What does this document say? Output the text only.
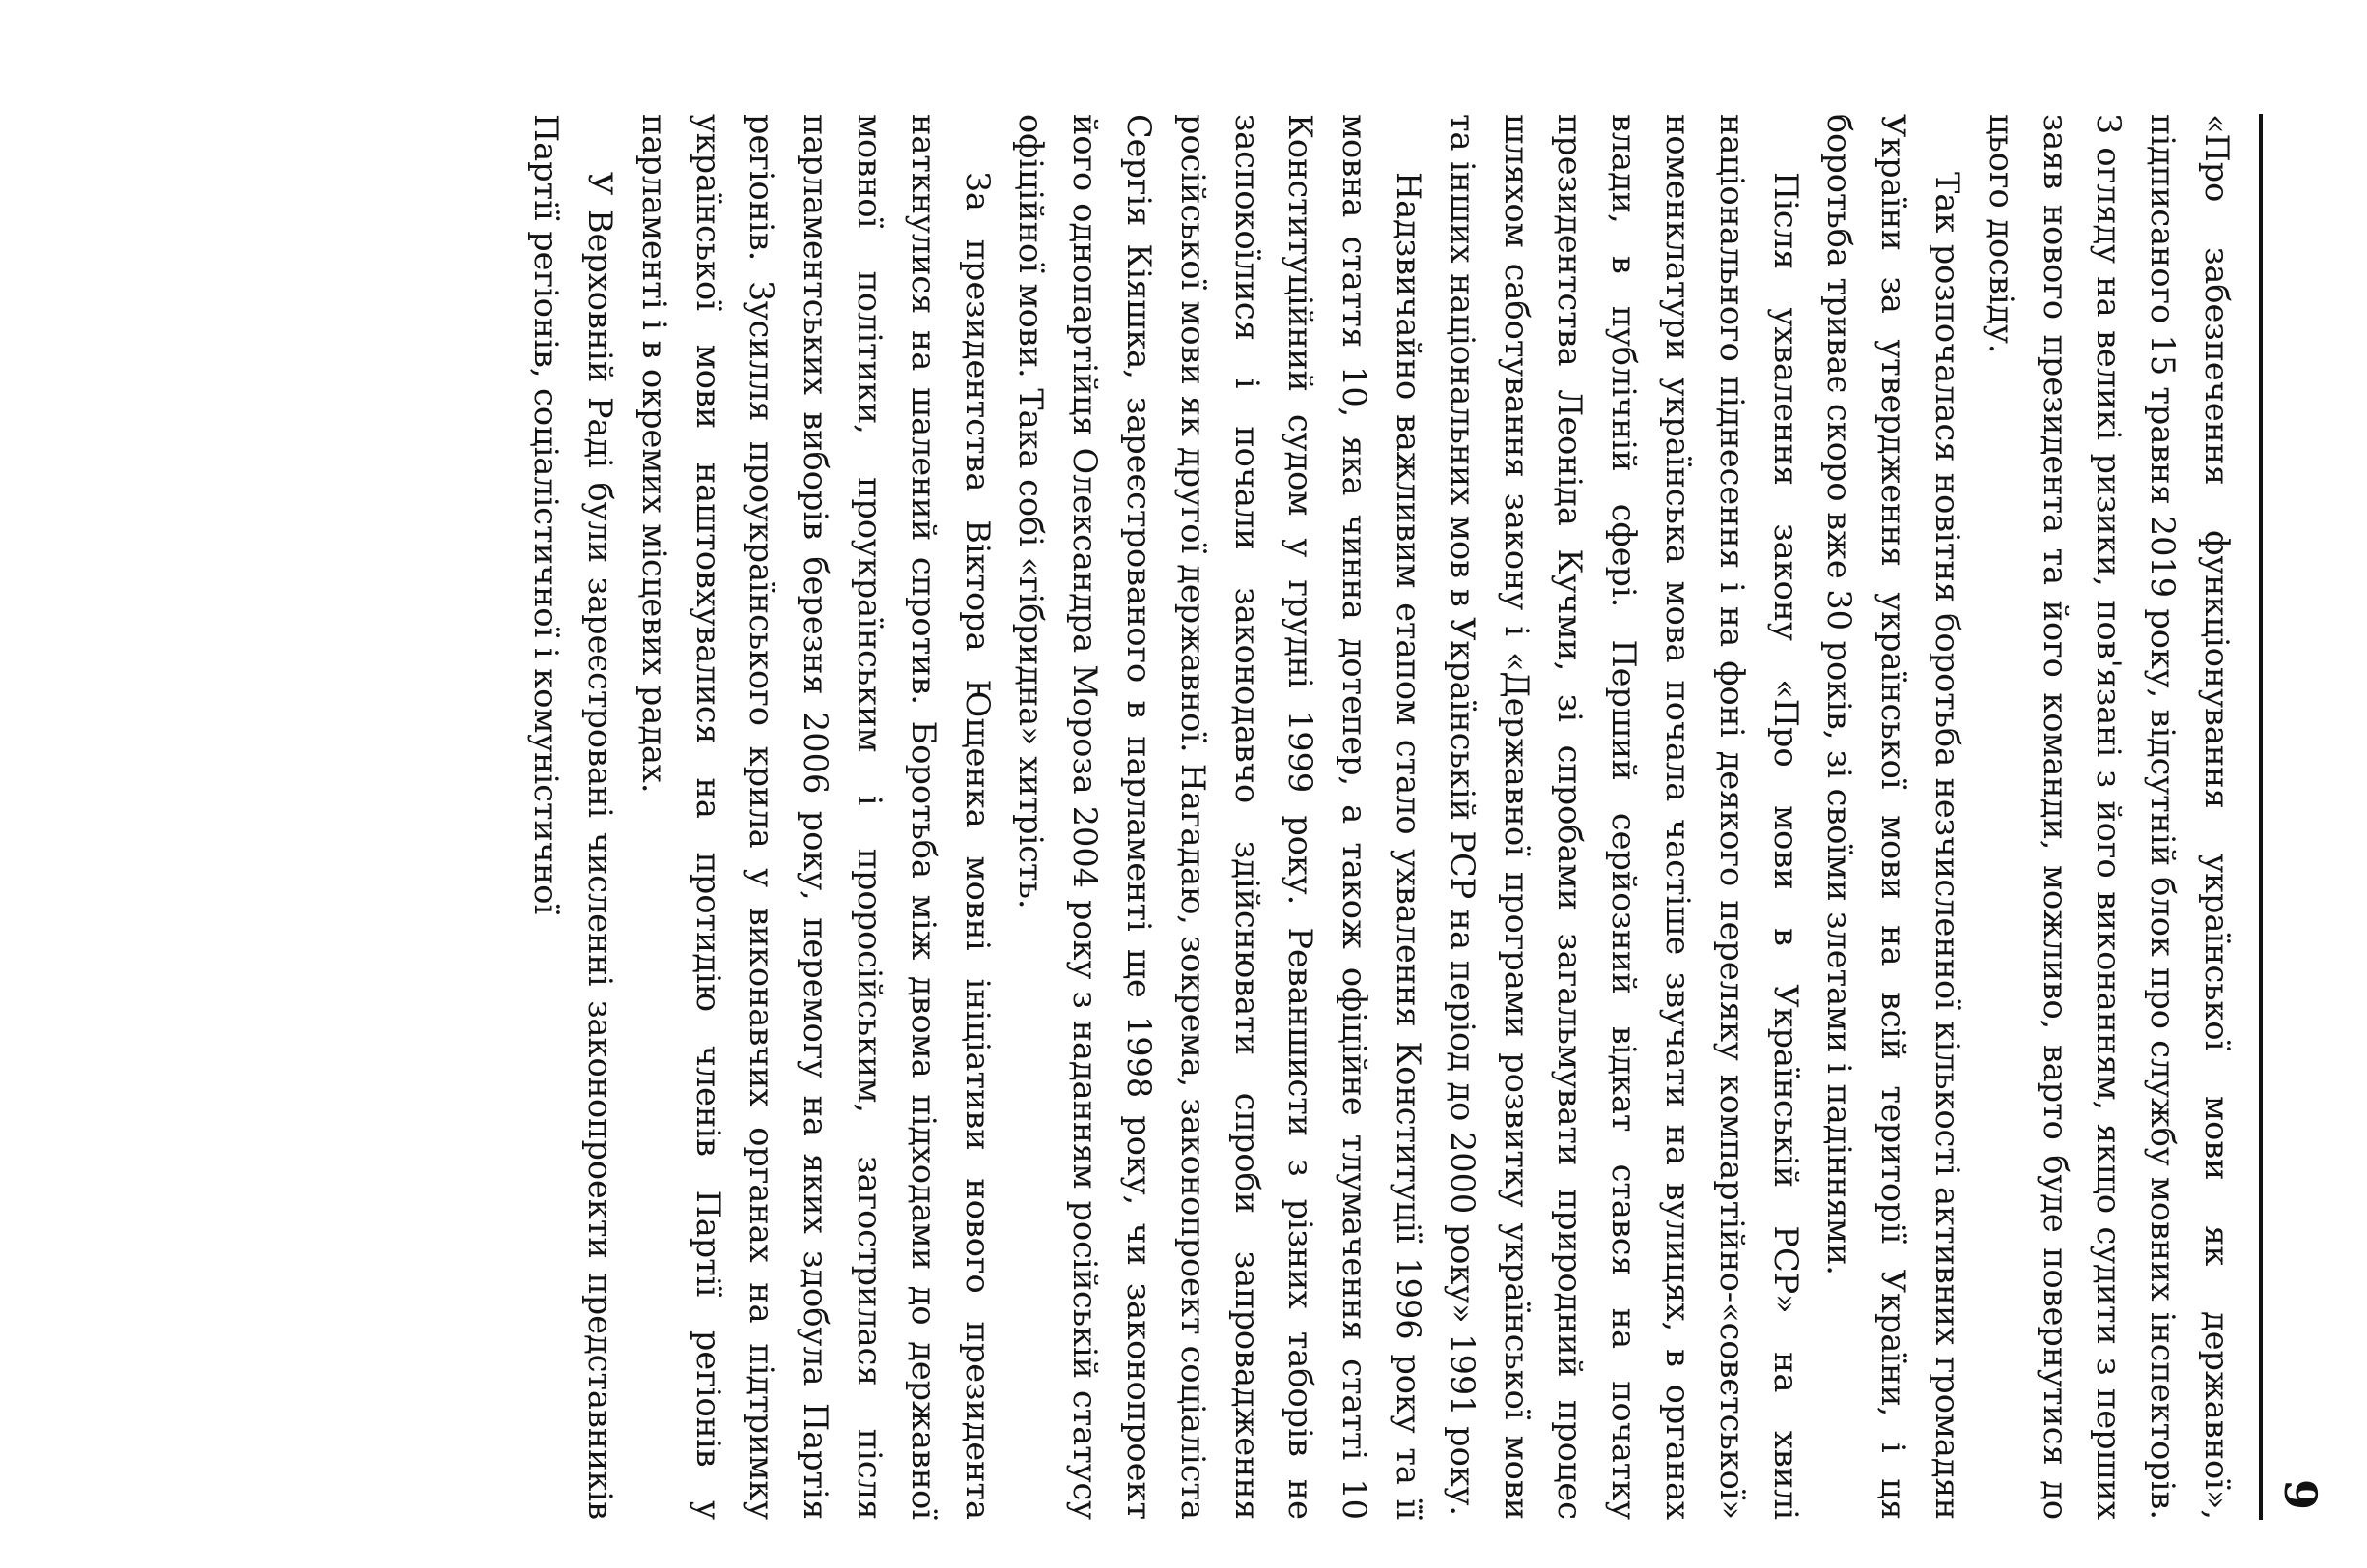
9

«Про забезпечення функціонування української мови як державної», підписаного 15 травня 2019 року, відсутній блок про службу мовних інспекторів. З огляду на великі ризики, пов'язані з його виконанням, якщо судити з перших заяв нового президента та його команди, можливо, варто буде повернутися до цього досвіду.

Так розпочалася новітня боротьба незчисленної кількості активних громадян України за утвердження української мови на всій території України, і ця боротьба триває скоро вже 30 років, зі своїми злетами і падіннями.

Після ухвалення закону «Про мови в Українській РСР» на хвилі національного піднесення і на фоні деякого переляку компартійно-«совєтської» номенклатури українська мова почала частіше звучати на вулицях, в органах влади, в публічній сфері. Перший серйозний відкат стався на початку президентства Леоніда Кучми, зі спробами загальмувати природний процес шляхом саботування закону і «Державної програми розвитку української мови та інших національних мов в Українській РСР на період до 2000 року» 1991 року.

Надзвичайно важливим етапом стало ухвалення Конституції 1996 року та її мовна стаття 10, яка чинна дотепер, а також офіційне тлумачення статті 10 Конституційний судом у грудні 1999 року. Реваншисти з різних таборів не заспокоїлися і почали законодавчо здійснювати спроби запровадження російської мови як другої державної. Нагадаю, зокрема, законопроект соціаліста Сергія Кіяшка, зареєстрованого в парламенті ще 1998 року, чи законопроект його однопартійця Олександра Мороза 2004 року з наданням російській статусу офіційної мови. Така собі «гібридна» хитрість.

За президентства Віктора Ющенка мовні ініціативи нового президента наткнулися на шалений спротив. Боротьба між двома підходами до державної мовної політики, проукраїнським і проросійським, загострилася після парламентських виборів березня 2006 року, перемогу на яких здобула Партія регіонів. Зусилля проукраїнського крила у виконавчих органах на підтримку української мови наштовхувалися на протидію членів Партії регіонів у парламенті і в окремих місцевих радах.

У Верховній Раді були зареєстровані численні законопроекти представників Партії регіонів, соціалістичної і комуністичної
